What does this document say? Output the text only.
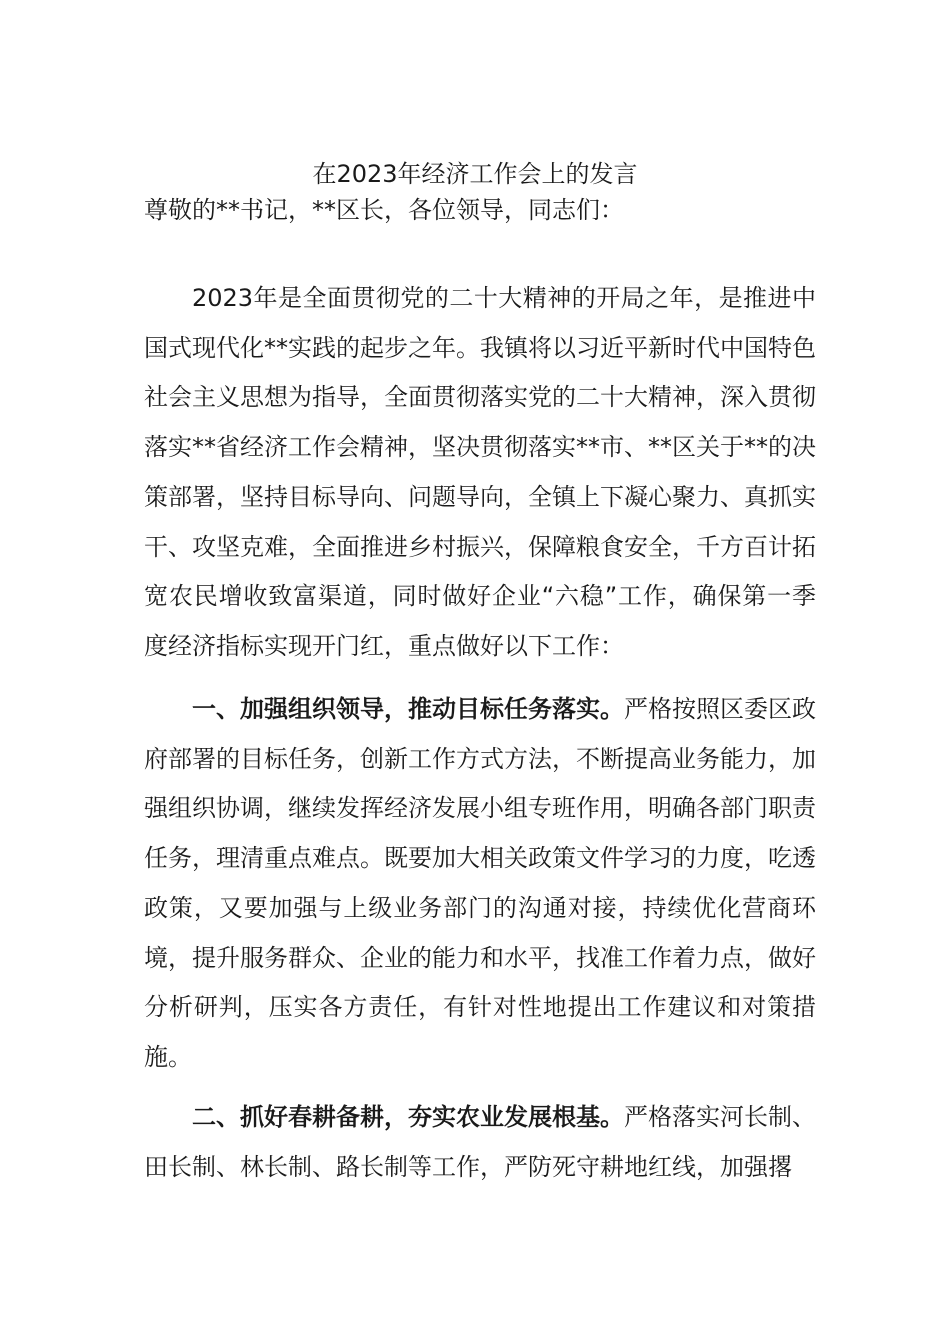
在2023年经济工作会上的发言
尊敬的**书记，**区长，各位领导，同志们：

2023年是全面贯彻党的二十大精神的开局之年，是推进中国式现代化**实践的起步之年。我镇将以习近平新时代中国特色社会主义思想为指导，全面贯彻落实党的二十大精神，深入贯彻落实**省经济工作会精神，坚决贯彻落实**市、**区关于**的决策部署，坚持目标导向、问题导向，全镇上下凝心聚力、真抓实干、攻坚克难，全面推进乡村振兴，保障粮食安全，千方百计拓宽农民增收致富渠道，同时做好企业“六稳”工作，确保第一季度经济指标实现开门红，重点做好以下工作：

一、加强组织领导，推动目标任务落实。严格按照区委区政府部署的目标任务，创新工作方式方法，不断提高业务能力，加强组织协调，继续发挥经济发展小组专班作用，明确各部门职责任务，理清重点难点。既要加大相关政策文件学习的力度，吃透政策，又要加强与上级业务部门的沟通对接，持续优化营商环境，提升服务群众、企业的能力和水平，找准工作着力点，做好分析研判，压实各方责任，有针对性地提出工作建议和对策措施。

二、抓好春耕备耕，夯实农业发展根基。严格落实河长制、田长制、林长制、路长制等工作，严防死守耕地红线，加强撂
